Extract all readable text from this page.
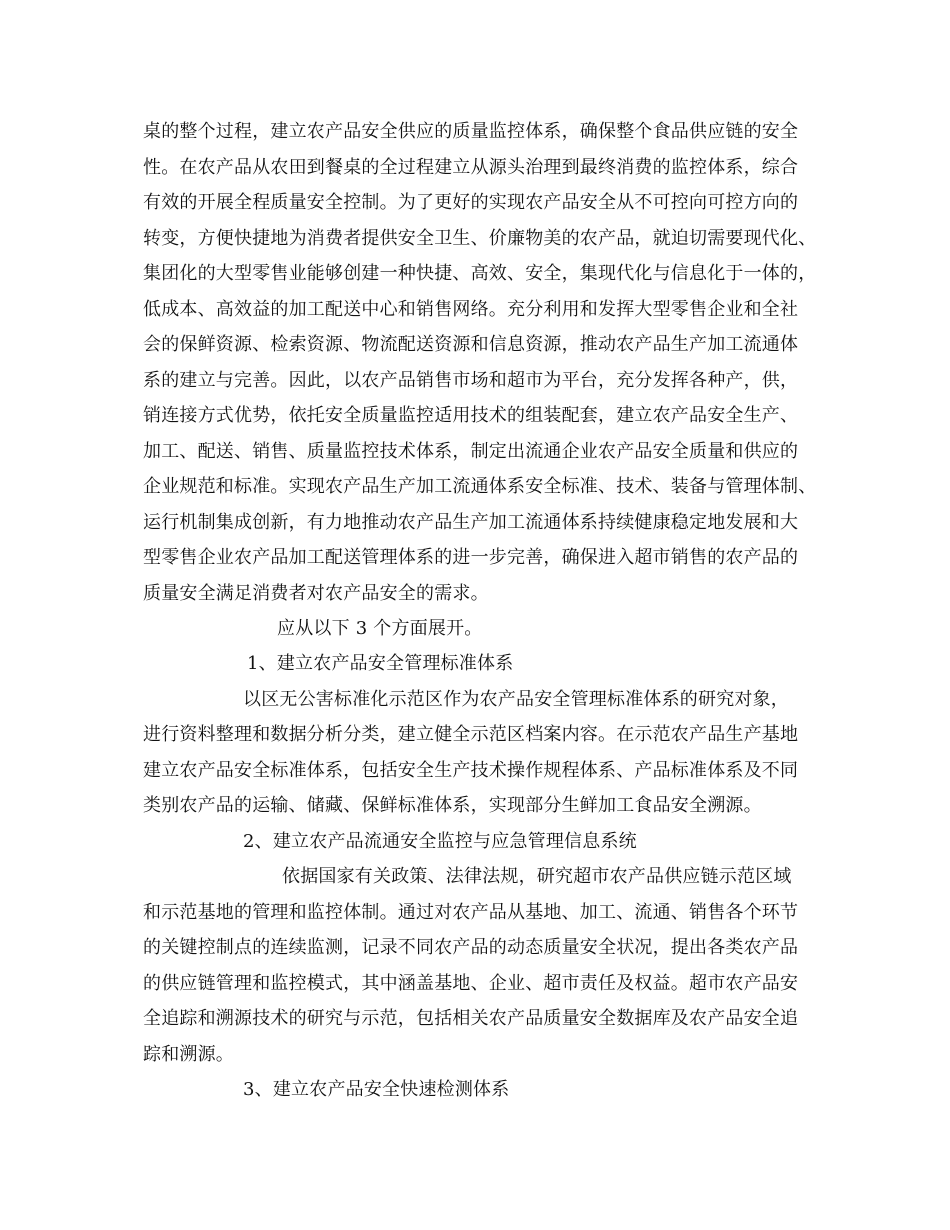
桌的整个过程，建立农产品安全供应的质量监控体系，确保整个食品供应链的安全
性。在农产品从农田到餐桌的全过程建立从源头治理到最终消费的监控体系，综合
有效的开展全程质量安全控制。为了更好的实现农产品安全从不可控向可控方向的
转变，方便快捷地为消费者提供安全卫生、价廉物美的农产品，就迫切需要现代化、
集团化的大型零售业能够创建一种快捷、高效、安全，集现代化与信息化于一体的，
低成本、高效益的加工配送中心和销售网络。充分利用和发挥大型零售企业和全社
会的保鲜资源、检索资源、物流配送资源和信息资源，推动农产品生产加工流通体
系的建立与完善。因此，以农产品销售市场和超市为平台，充分发挥各种产，供，
销连接方式优势，依托安全质量监控适用技术的组装配套，建立农产品安全生产、
加工、配送、销售、质量监控技术体系，制定出流通企业农产品安全质量和供应的
企业规范和标准。实现农产品生产加工流通体系安全标准、技术、装备与管理体制、
运行机制集成创新，有力地推动农产品生产加工流通体系持续健康稳定地发展和大
型零售企业农产品加工配送管理体系的进一步完善，确保进入超市销售的农产品的
质量安全满足消费者对农产品安全的需求。
应从以下 3 个方面展开。
1、建立农产品安全管理标准体系
以区无公害标准化示范区作为农产品安全管理标准体系的研究对象，
进行资料整理和数据分析分类，建立健全示范区档案内容。在示范农产品生产基地
建立农产品安全标准体系，包括安全生产技术操作规程体系、产品标准体系及不同
类别农产品的运输、储藏、保鲜标准体系，实现部分生鲜加工食品安全溯源。
2、建立农产品流通安全监控与应急管理信息系统
依据国家有关政策、法律法规，研究超市农产品供应链示范区域
和示范基地的管理和监控体制。通过对农产品从基地、加工、流通、销售各个环节
的关键控制点的连续监测，记录不同农产品的动态质量安全状况，提出各类农产品
的供应链管理和监控模式，其中涵盖基地、企业、超市责任及权益。超市农产品安
全追踪和溯源技术的研究与示范，包括相关农产品质量安全数据库及农产品安全追
踪和溯源。
3、建立农产品安全快速检测体系
